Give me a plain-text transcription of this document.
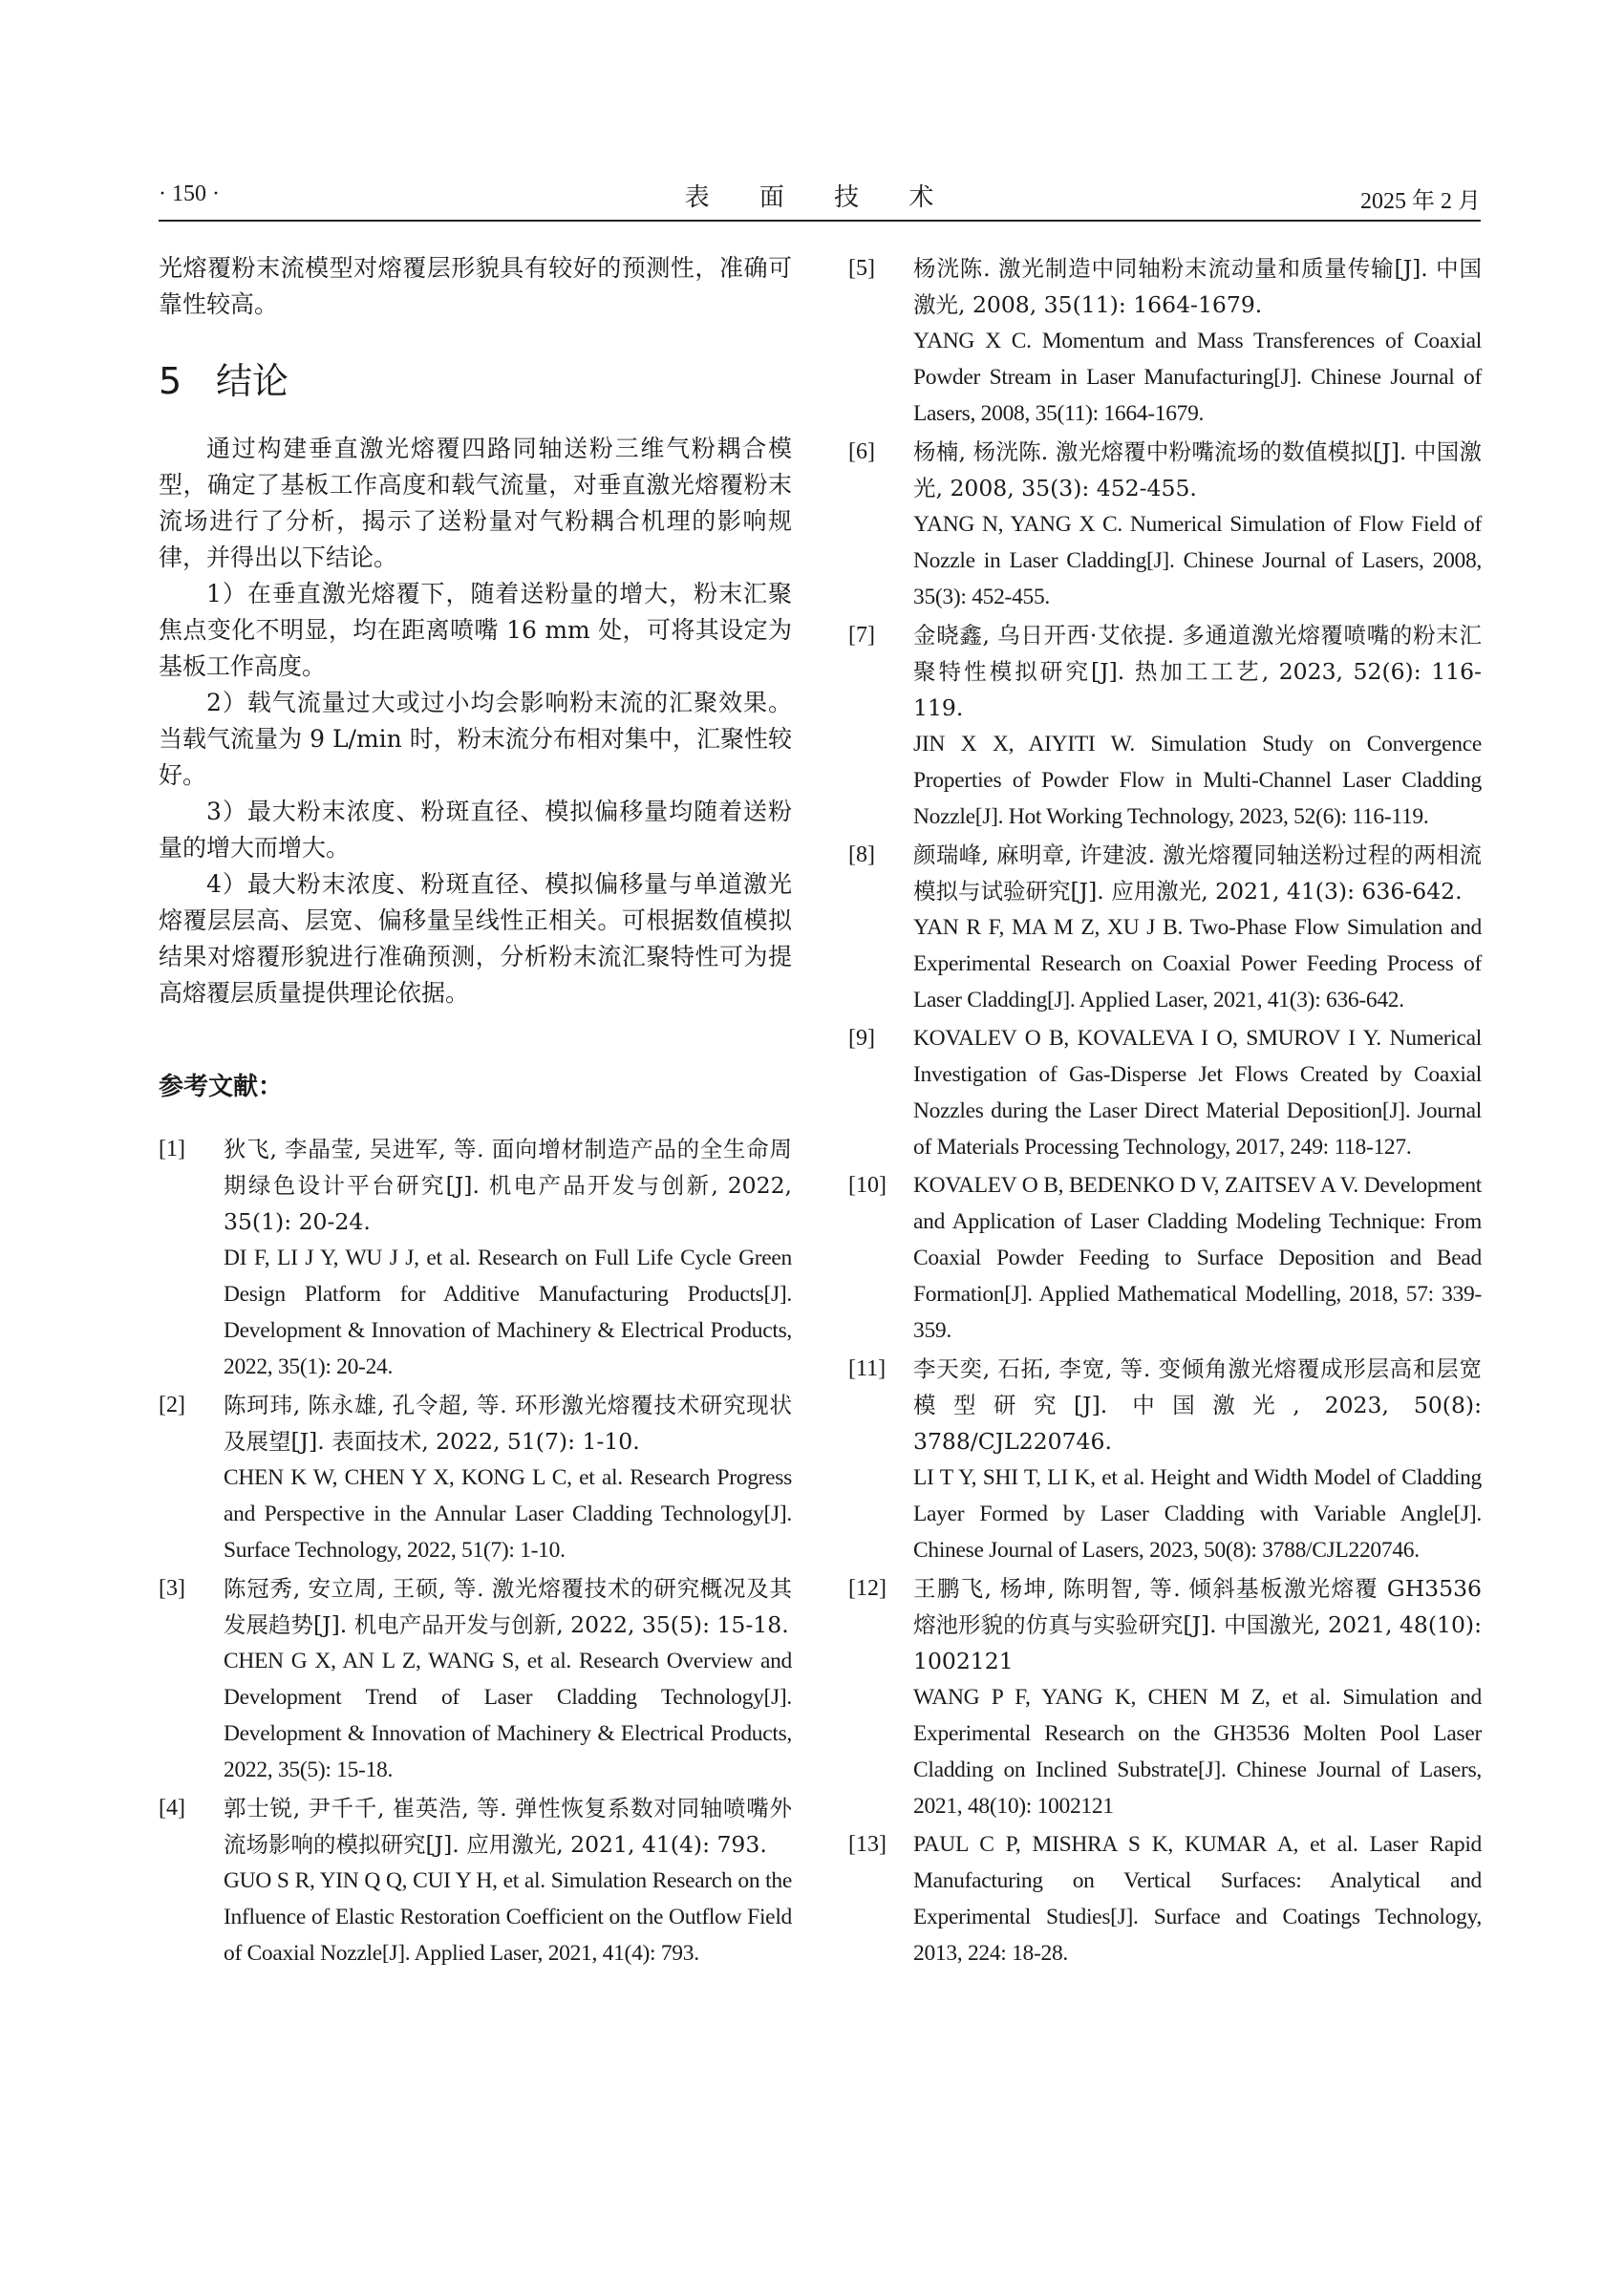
· 150 ·	表 面 技 术	2025 年 2 月

光熔覆粉末流模型对熔覆层形貌具有较好的预测性，准确可靠性较高。

5 结论

通过构建垂直激光熔覆四路同轴送粉三维气粉耦合模型，确定了基板工作高度和载气流量，对垂直激光熔覆粉末流场进行了分析，揭示了送粉量对气粉耦合机理的影响规律，并得出以下结论。

1）在垂直激光熔覆下，随着送粉量的增大，粉末汇聚焦点变化不明显，均在距离喷嘴 16 mm 处，可将其设定为基板工作高度。

2）载气流量过大或过小均会影响粉末流的汇聚效果。当载气流量为 9 L/min 时，粉末流分布相对集中，汇聚性较好。

3）最大粉末浓度、粉斑直径、模拟偏移量均随着送粉量的增大而增大。

4）最大粉末浓度、粉斑直径、模拟偏移量与单道激光熔覆层层高、层宽、偏移量呈线性正相关。可根据数值模拟结果对熔覆形貌进行准确预测，分析粉末流汇聚特性可为提高熔覆层质量提供理论依据。

参考文献：
[1] 狄飞, 李晶莹, 吴进军, 等. 面向增材制造产品的全生命周期绿色设计平台研究[J]. 机电产品开发与创新, 2022, 35(1): 20-24.

DI F, LI J Y, WU J J, et al. Research on Full Life Cycle Green Design Platform for Additive Manufacturing Products[J]. Development & Innovation of Machinery & Electrical Products, 2022, 35(1): 20-24.

[2] 陈珂玮, 陈永雄, 孔令超, 等. 环形激光熔覆技术研究现状及展望[J]. 表面技术, 2022, 51(7): 1-10.

CHEN K W, CHEN Y X, KONG L C, et al. Research Progress and Perspective in the Annular Laser Cladding Technology[J]. Surface Technology, 2022, 51(7): 1-10.

[3] 陈冠秀, 安立周, 王硕, 等. 激光熔覆技术的研究概况及其发展趋势[J]. 机电产品开发与创新, 2022, 35(5): 15-18.

CHEN G X, AN L Z, WANG S, et al. Research Overview and Development Trend of Laser Cladding Technology[J]. Development & Innovation of Machinery & Electrical Products, 2022, 35(5): 15-18.

[4] 郭士锐, 尹千千, 崔英浩, 等. 弹性恢复系数对同轴喷嘴外流场影响的模拟研究[J]. 应用激光, 2021, 41(4): 793.

GUO S R, YIN Q Q, CUI Y H, et al. Simulation Research on the Influence of Elastic Restoration Coefficient on the Outflow Field of Coaxial Nozzle[J]. Applied Laser, 2021, 41(4): 793.

[5] 杨洸陈. 激光制造中同轴粉末流动量和质量传输[J]. 中国激光, 2008, 35(11): 1664-1679.

YANG X C. Momentum and Mass Transferences of Coaxial Powder Stream in Laser Manufacturing[J]. Chinese Journal of Lasers, 2008, 35(11): 1664-1679.

[6] 杨楠, 杨洸陈. 激光熔覆中粉嘴流场的数值模拟[J]. 中国激光, 2008, 35(3): 452-455.

YANG N, YANG X C. Numerical Simulation of Flow Field of Nozzle in Laser Cladding[J]. Chinese Journal of Lasers, 2008, 35(3): 452-455.

[7] 金晓鑫, 乌日开西·艾依提. 多通道激光熔覆喷嘴的粉末汇聚特性模拟研究[J]. 热加工工艺, 2023, 52(6): 116-119.

JIN X X, AIYITI W. Simulation Study on Convergence Properties of Powder Flow in Multi-Channel Laser Cladding Nozzle[J]. Hot Working Technology, 2023, 52(6): 116-119.

[8] 颜瑞峰, 麻明章, 许建波. 激光熔覆同轴送粉过程的两相流模拟与试验研究[J]. 应用激光, 2021, 41(3): 636-642.

YAN R F, MA M Z, XU J B. Two-Phase Flow Simulation and Experimental Research on Coaxial Power Feeding Process of Laser Cladding[J]. Applied Laser, 2021, 41(3): 636-642.

[9] KOVALEV O B, KOVALEVA I O, SMUROV I Y. Numerical Investigation of Gas-Disperse Jet Flows Created by Coaxial Nozzles during the Laser Direct Material Deposition[J]. Journal of Materials Processing Technology, 2017, 249: 118-127.

[10] KOVALEV O B, BEDENKO D V, ZAITSEV A V. Development and Application of Laser Cladding Modeling Technique: From Coaxial Powder Feeding to Surface Deposition and Bead Formation[J]. Applied Mathematical Modelling, 2018, 57: 339-359.

[11] 李天奕, 石拓, 李宽, 等. 变倾角激光熔覆成形层高和层宽模型研究[J]. 中国激光, 2023, 50(8): 3788/CJL220746.

LI T Y, SHI T, LI K, et al. Height and Width Model of Cladding Layer Formed by Laser Cladding with Variable Angle[J]. Chinese Journal of Lasers, 2023, 50(8): 3788/CJL220746.

[12] 王鹏飞, 杨坤, 陈明智, 等. 倾斜基板激光熔覆 GH3536 熔池形貌的仿真与实验研究[J]. 中国激光, 2021, 48(10): 1002121

WANG P F, YANG K, CHEN M Z, et al. Simulation and Experimental Research on the GH3536 Molten Pool Laser Cladding on Inclined Substrate[J]. Chinese Journal of Lasers, 2021, 48(10): 1002121

[13] PAUL C P, MISHRA S K, KUMAR A, et al. Laser Rapid Manufacturing on Vertical Surfaces: Analytical and Experimental Studies[J]. Surface and Coatings Technology, 2013, 224: 18-28.
